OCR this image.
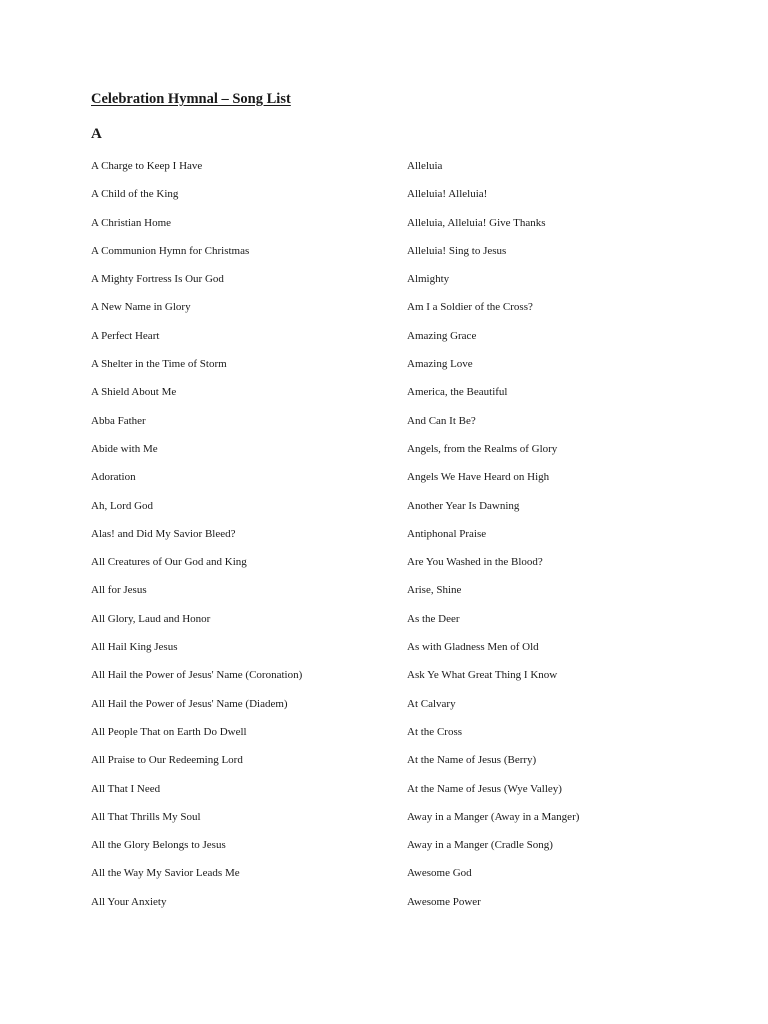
Celebration Hymnal – Song List
A
A Charge to Keep I Have
A Child of the King
A Christian Home
A Communion Hymn for Christmas
A Mighty Fortress Is Our God
A New Name in Glory
A Perfect Heart
A Shelter in the Time of Storm
A Shield About Me
Abba Father
Abide with Me
Adoration
Ah, Lord God
Alas! and Did My Savior Bleed?
All Creatures of Our God and King
All for Jesus
All Glory, Laud and Honor
All Hail King Jesus
All Hail the Power of Jesus' Name (Coronation)
All Hail the Power of Jesus' Name (Diadem)
All People That on Earth Do Dwell
All Praise to Our Redeeming Lord
All That I Need
All That Thrills My Soul
All the Glory Belongs to Jesus
All the Way My Savior Leads Me
All Your Anxiety
Alleluia
Alleluia! Alleluia!
Alleluia, Alleluia! Give Thanks
Alleluia! Sing to Jesus
Almighty
Am I a Soldier of the Cross?
Amazing Grace
Amazing Love
America, the Beautiful
And Can It Be?
Angels, from the Realms of Glory
Angels We Have Heard on High
Another Year Is Dawning
Antiphonal Praise
Are You Washed in the Blood?
Arise, Shine
As the Deer
As with Gladness Men of Old
Ask Ye What Great Thing I Know
At Calvary
At the Cross
At the Name of Jesus (Berry)
At the Name of Jesus (Wye Valley)
Away in a Manger (Away in a Manger)
Away in a Manger (Cradle Song)
Awesome God
Awesome Power
